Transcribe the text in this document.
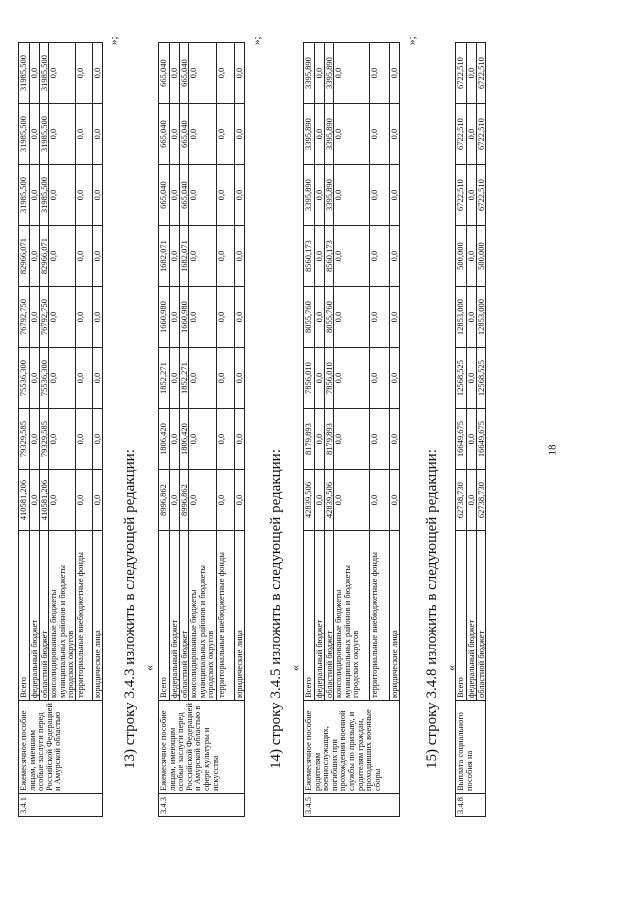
18
3.4.1	Ежемесячное пособие лицам, имевшим особые заслуги перед Российской Федерацией и Амурской областью	Всего	410581,206	79329,585	75536,300	76792,750	82966,071	31985,500	31985,500	31985,500
		федеральный бюджет	0,0	0,0	0,0	0,0	0,0	0,0	0,0	0,0
		областной бюджет	410581,206	79329,585	75536,300	76792,750	82966,071	31985,500	31985,500	31985,500
		консолидированные бюджеты муниципальных районов и бюджеты городских округов	0,0	0,0	0,0	0,0	0,0	0,0	0,0	0,0
		территориальные внебюджетные фонды	0,0	0,0	0,0	0,0	0,0	0,0	0,0	0,0
		юридические лица	0,0	0,0	0,0	0,0	0,0	0,0	0,0	0,0
»;
13) строку 3.4.3 изложить в следующей редакции: «
3.4.3	Ежемесячное пособие лицам, имеющим особые заслуги перед Российской Федерацией и Амурской областью в сфере культуры и искусства	Всего	8996,862	1806,420	1852,271	1660,980	1682,071	665,040	665,040	665,040
		федеральный бюджет	0,0	0,0	0,0	0,0	0,0	0,0	0,0	0,0
		областной бюджет	8996,862	1806,420	1852,271	1660,980	1682,071	665,040	665,040	665,040
		консолидированные бюджеты муниципальных районов и бюджеты городских округов	0,0	0,0	0,0	0,0	0,0	0,0	0,0	0,0
		территориальные внебюджетные фонды	0,0	0,0	0,0	0,0	0,0	0,0	0,0	0,0
		юридические лица	0,0	0,0	0,0	0,0	0,0	0,0	0,0	0,0
»;
14) строку 3.4.5 изложить в следующей редакции: «
3.4.5	Ежемесячное пособие родителям военнослужащих, погибших при прохождении военной службы по призыву, и родителям граждан, проходивших военные сборы	Всего	42839,506	8179,893	7856,010	8055,760	8560,173	3395,890	3395,890	3395,890
		федеральный бюджет	0,0	0,0	0,0	0,0	0,0	0,0	0,0	0,0
		областной бюджет	42839,506	8179,893	7856,010	8055,760	8560,173	3395,890	3395,890	3395,890
		консолидированные бюджеты муниципальных районов и бюджеты городских округов	0,0	0,0	0,0	0,0	0,0	0,0	0,0	0,0
		территориальные внебюджетные фонды	0,0	0,0	0,0	0,0	0,0	0,0	0,0	0,0
		юридические лица	0,0	0,0	0,0	0,0	0,0	0,0	0,0	0,0
»;
15) строку 3.4.8 изложить в следующей редакции: «
3.4.8	Выплата социального пособия на	Всего	62738,730	16649,675	12568,525	12853,000	500,000	6722,510	6722,510	6722,510
		федеральный бюджет	0,0	0,0	0,0	0,0	0,0	0,0	0,0	0,0
		областной бюджет	62738,730	16649,675	12568,525	12853,000	500,000	6722,510	6722,510	6722,510
